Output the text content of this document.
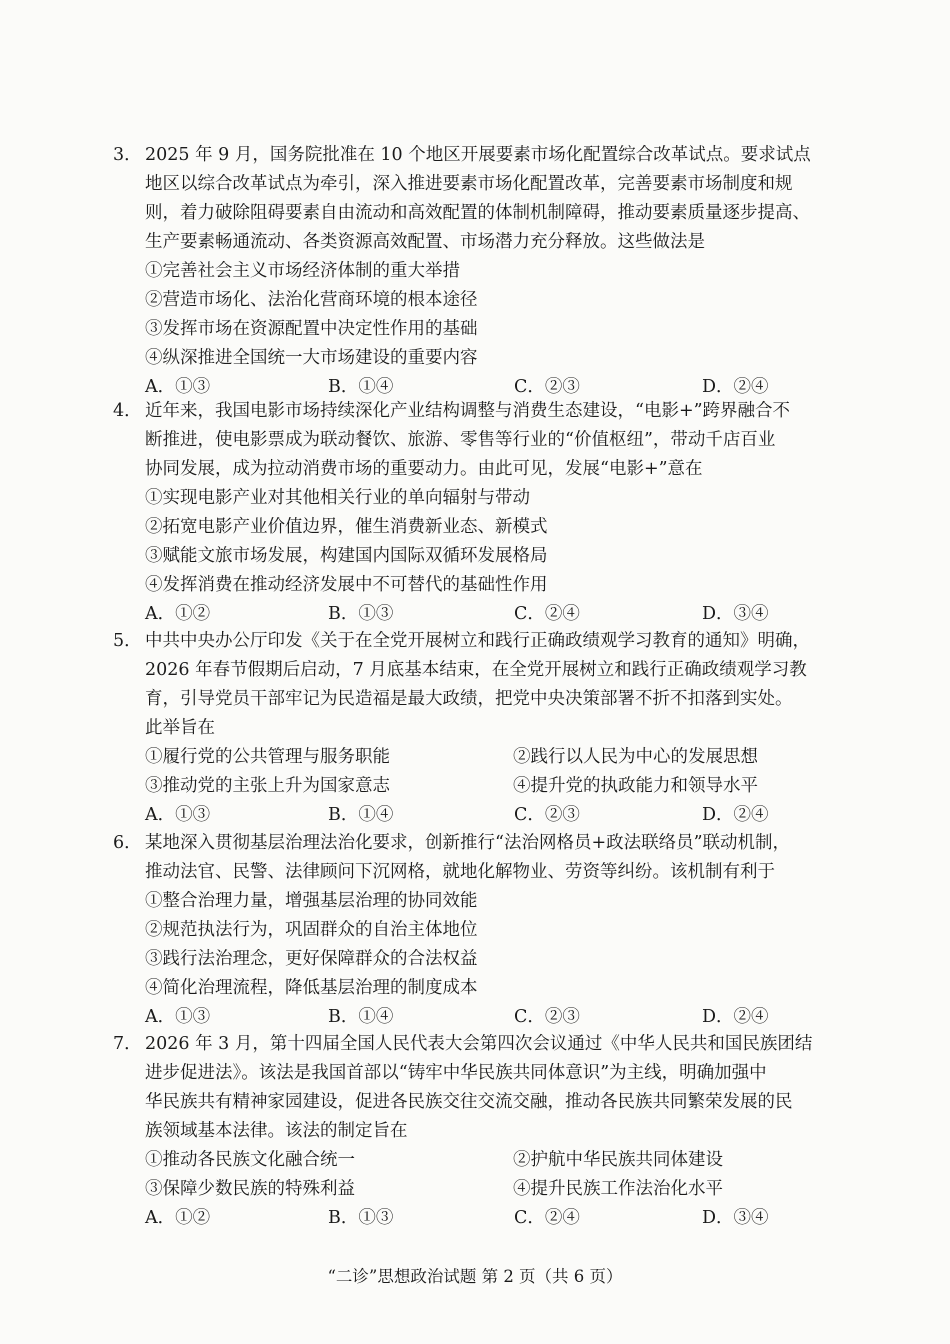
3． 2025 年 9 月，国务院批准在 10 个地区开展要素市场化配置综合改革试点。要求试点
地区以综合改革试点为牵引，深入推进要素市场化配置改革，完善要素市场制度和规
则，着力破除阻碍要素自由流动和高效配置的体制机制障碍，推动要素质量逐步提高、
生产要素畅通流动、各类资源高效配置、市场潜力充分释放。这些做法是
①完善社会主义市场经济体制的重大举措
②营造市场化、法治化营商环境的根本途径
③发挥市场在资源配置中决定性作用的基础
④纵深推进全国统一大市场建设的重要内容
A．①③	B．①④	C．②③	D．②④
4． 近年来，我国电影市场持续深化产业结构调整与消费生态建设，“电影+”跨界融合不
断推进，使电影票成为联动餐饮、旅游、零售等行业的“价值枢纽”，带动千店百业
协同发展，成为拉动消费市场的重要动力。由此可见，发展“电影+”意在
①实现电影产业对其他相关行业的单向辐射与带动
②拓宽电影产业价值边界，催生消费新业态、新模式
③赋能文旅市场发展，构建国内国际双循环发展格局
④发挥消费在推动经济发展中不可替代的基础性作用
A．①②	B．①③	C．②④	D．③④
5． 中共中央办公厅印发《关于在全党开展树立和践行正确政绩观学习教育的通知》明确，
2026 年春节假期后启动，7 月底基本结束，在全党开展树立和践行正确政绩观学习教
育，引导党员干部牢记为民造福是最大政绩，把党中央决策部署不折不扣落到实处。
此举旨在
①履行党的公共管理与服务职能	②践行以人民为中心的发展思想
③推动党的主张上升为国家意志	④提升党的执政能力和领导水平
A．①③	B．①④	C．②③	D．②④
6． 某地深入贯彻基层治理法治化要求，创新推行“法治网格员+政法联络员”联动机制，
推动法官、民警、法律顾问下沉网格，就地化解物业、劳资等纠纷。该机制有利于
①整合治理力量，增强基层治理的协同效能
②规范执法行为，巩固群众的自治主体地位
③践行法治理念，更好保障群众的合法权益
④简化治理流程，降低基层治理的制度成本
A．①③	B．①④	C．②③	D．②④
7． 2026 年 3 月，第十四届全国人民代表大会第四次会议通过《中华人民共和国民族团结
进步促进法》。该法是我国首部以“铸牢中华民族共同体意识”为主线，明确加强中
华民族共有精神家园建设，促进各民族交往交流交融，推动各民族共同繁荣发展的民
族领域基本法律。该法的制定旨在
①推动各民族文化融合统一	②护航中华民族共同体建设
③保障少数民族的特殊利益	④提升民族工作法治化水平
A．①②	B．①③	C．②④	D．③④
“二诊”思想政治试题 第 2 页（共 6 页）
